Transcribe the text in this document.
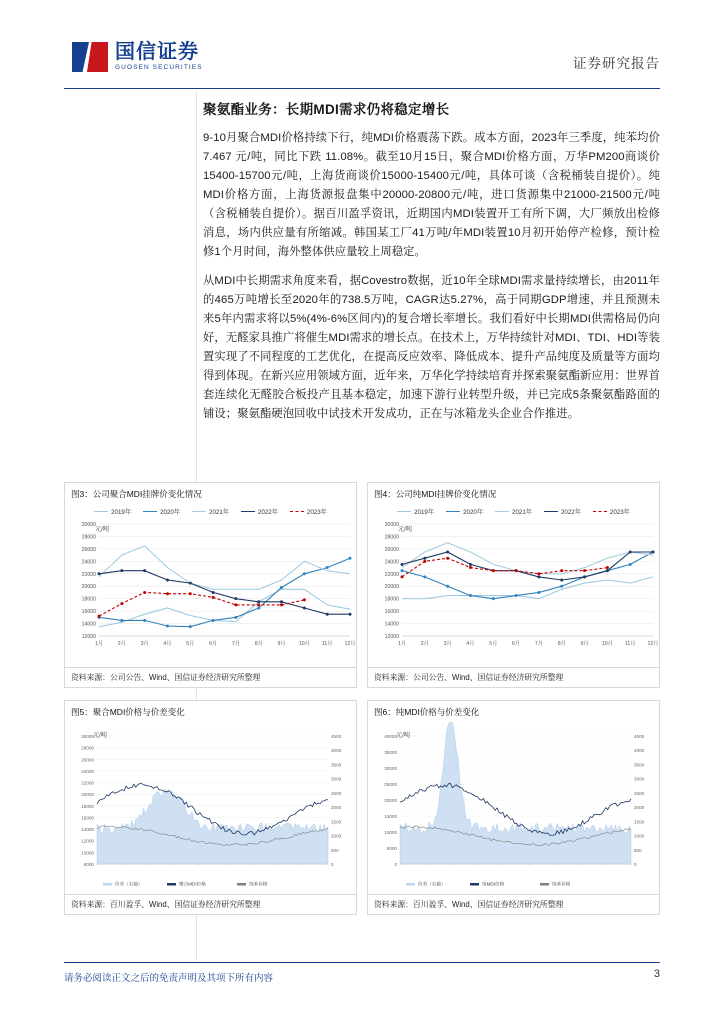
国信证券
GUOSEN SECURITIES	证券研究报告
聚氨酯业务：长期MDI需求仍将稳定增长

9-10月聚合MDI价格持续下行，纯MDI价格震荡下跌。成本方面，2023年三季度，纯苯均价 7.467 元/吨，同比下跌 11.08%。截至10月15日，聚合MDI价格方面，万华PM200商谈价15400-15700元/吨，上海货商谈价15000-15400元/吨，具体可谈（含税桶装自提价）。纯MDI价格方面，上海货源报盘集中20000-20800元/吨，进口货源集中21000-21500元/吨（含税桶装自提价）。据百川盈孚资讯，近期国内MDI装置开工有所下调，大厂频放出检修消息，场内供应量有所缩减。韩国某工厂41万吨/年MDI装置10月初开始停产检修，预计检修1个月时间，海外整体供应量较上周稳定。

从MDI中长期需求角度来看，据Covestro数据，近10年全球MDI需求量持续增长，由2011年的465万吨增长至2020年的738.5万吨，CAGR达5.27%，高于同期GDP增速，并且预测未来5年内需求将以5%(4%-6%区间内)的复合增长率增长。我们看好中长期MDI供需格局仍向好，无醛家具推广将催生MDI需求的增长点。在技术上，万华持续针对MDI、TDI、HDI等装置实现了不同程度的工艺优化，在提高反应效率、降低成本、提升产品纯度及质量等方面均得到体现。在新兴应用领域方面，近年来，万华化学持续培育并探索聚氨酯新应用：世界首套连续化无醛胶合板投产且基本稳定，加速下游行业转型升级，并已完成5条聚氨酯路面的铺设；聚氨酯硬泡回收中试技术开发成功，正在与冰箱龙头企业合作推进。

图3：公司聚合MDI挂牌价变化情况
2019年	2020年	2021年	2022年	2023年
元/吨
12000
14000
16000
18000
20000
22000
24000
26000
28000
30000
1月	2月	3月	4月	5月	6月	7月	8月	9月	10月 11月 12月
资料来源：公司公告、Wind、国信证券经济研究所整理
图4：公司纯MDI挂牌价变化情况
2019年	2020年	2021年	2022年	2023年
元/吨
12000
14000
16000
18000
20000
22000
24000
26000
28000
30000
1月	2月	3月	4月	5月	6月	7月	8月	9月	10月 11月 12月
资料来源：公司公告、Wind、国信证券经济研究所整理
图5：聚合MDI价格与价差变化
元/吨
8000
10000
12000
14000
16000
18000
20000
22000
24000
26000
28000
30000
0
500
1000
1500
2000
2500
3000
3500
4000
4500
价差（右轴）	聚合MDI价格	纯苯价格
资料来源：百川盈孚、Wind、国信证券经济研究所整理
图6：纯MDI价格与价差变化
元/吨
0
5000
10000
15000
20000
25000
30000
35000
40000
0
500
1000
1500
2000
2500
3000
3500
4000
4500
价差（右轴）	纯MDI价格	纯苯价格
资料来源：百川盈孚、Wind、国信证券经济研究所整理
请务必阅读正文之后的免责声明及其项下所有内容	3
